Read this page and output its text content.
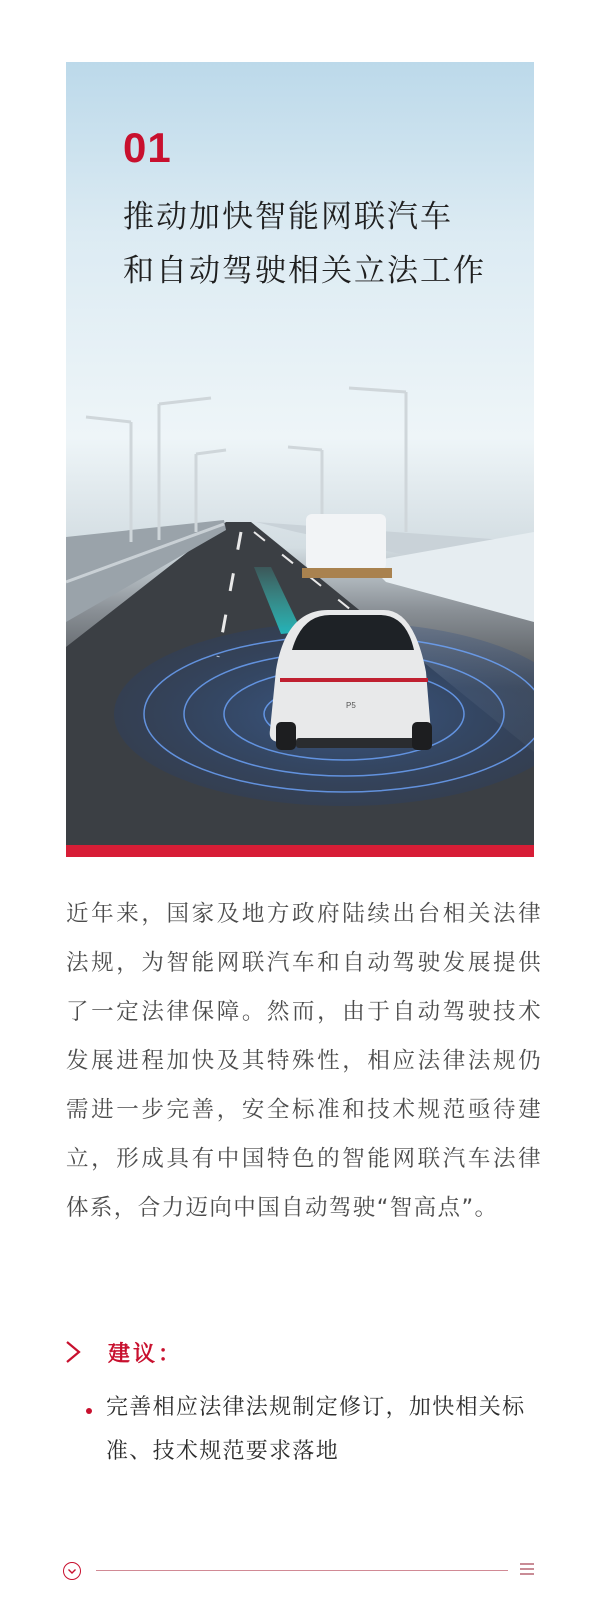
P5
01
推动加快智能网联汽车
和自动驾驶相关立法工作

近年来，国家及地方政府陆续出台相关法律法规，为智能网联汽车和自动驾驶发展提供了一定法律保障。然而，由于自动驾驶技术发展进程加快及其特殊性，相应法律法规仍需进一步完善，安全标准和技术规范亟待建立，形成具有中国特色的智能网联汽车法律体系，合力迈向中国自动驾驶“智高点”。

建议：
完善相应法律法规制定修订，加快相关标准、技术规范要求落地
